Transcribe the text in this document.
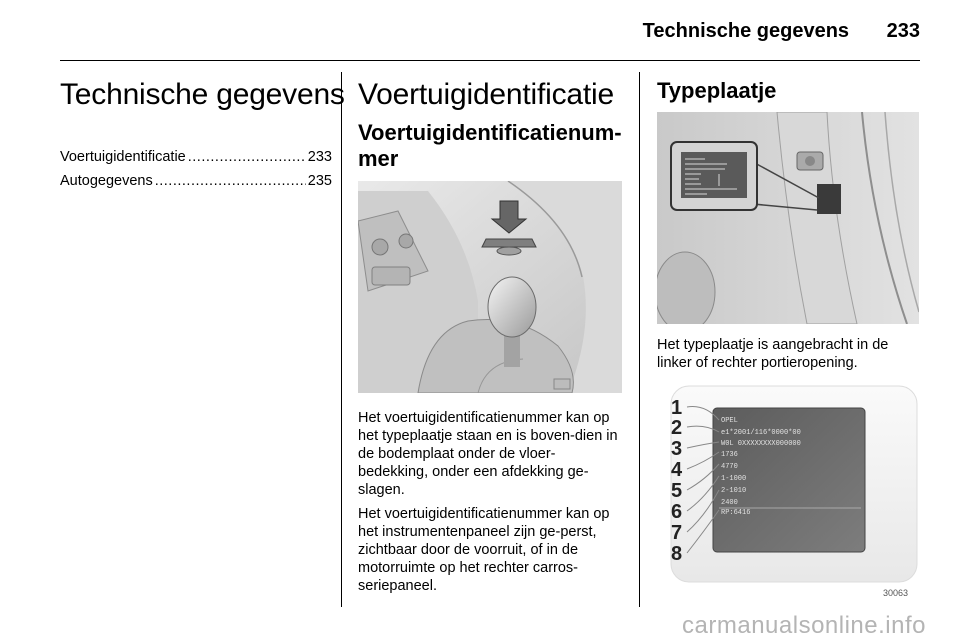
Technische gegevens 233
Technische gegevens
Voertuigidentificatie .....	233
Autogegevens .....	235
Voertuigidentificatie
Voertuigidentificatienum-
mer

Het voertuigidentificatienummer kan op het typeplaatje staan en is boven-dien in de bodemplaat onder de vloer-bedekking, onder een afdekking ge-slagen.

Het voertuigidentificatienummer kan op het instrumentenpaneel zijn ge-perst, zichtbaar door de voorruit, of in de motorruimte op het rechter carros-seriepaneel.

Typeplaatje

Het typeplaatje is aangebracht in de linker of rechter portieropening.

1
2
3
4
5
6
7
8
OPEL
e1*2001/116*0000*00
W0L 0XXXXXXXX000000
1736
4770
1-1000
2-1010
2400
RP:6416
30063
carmanualsonline.info
